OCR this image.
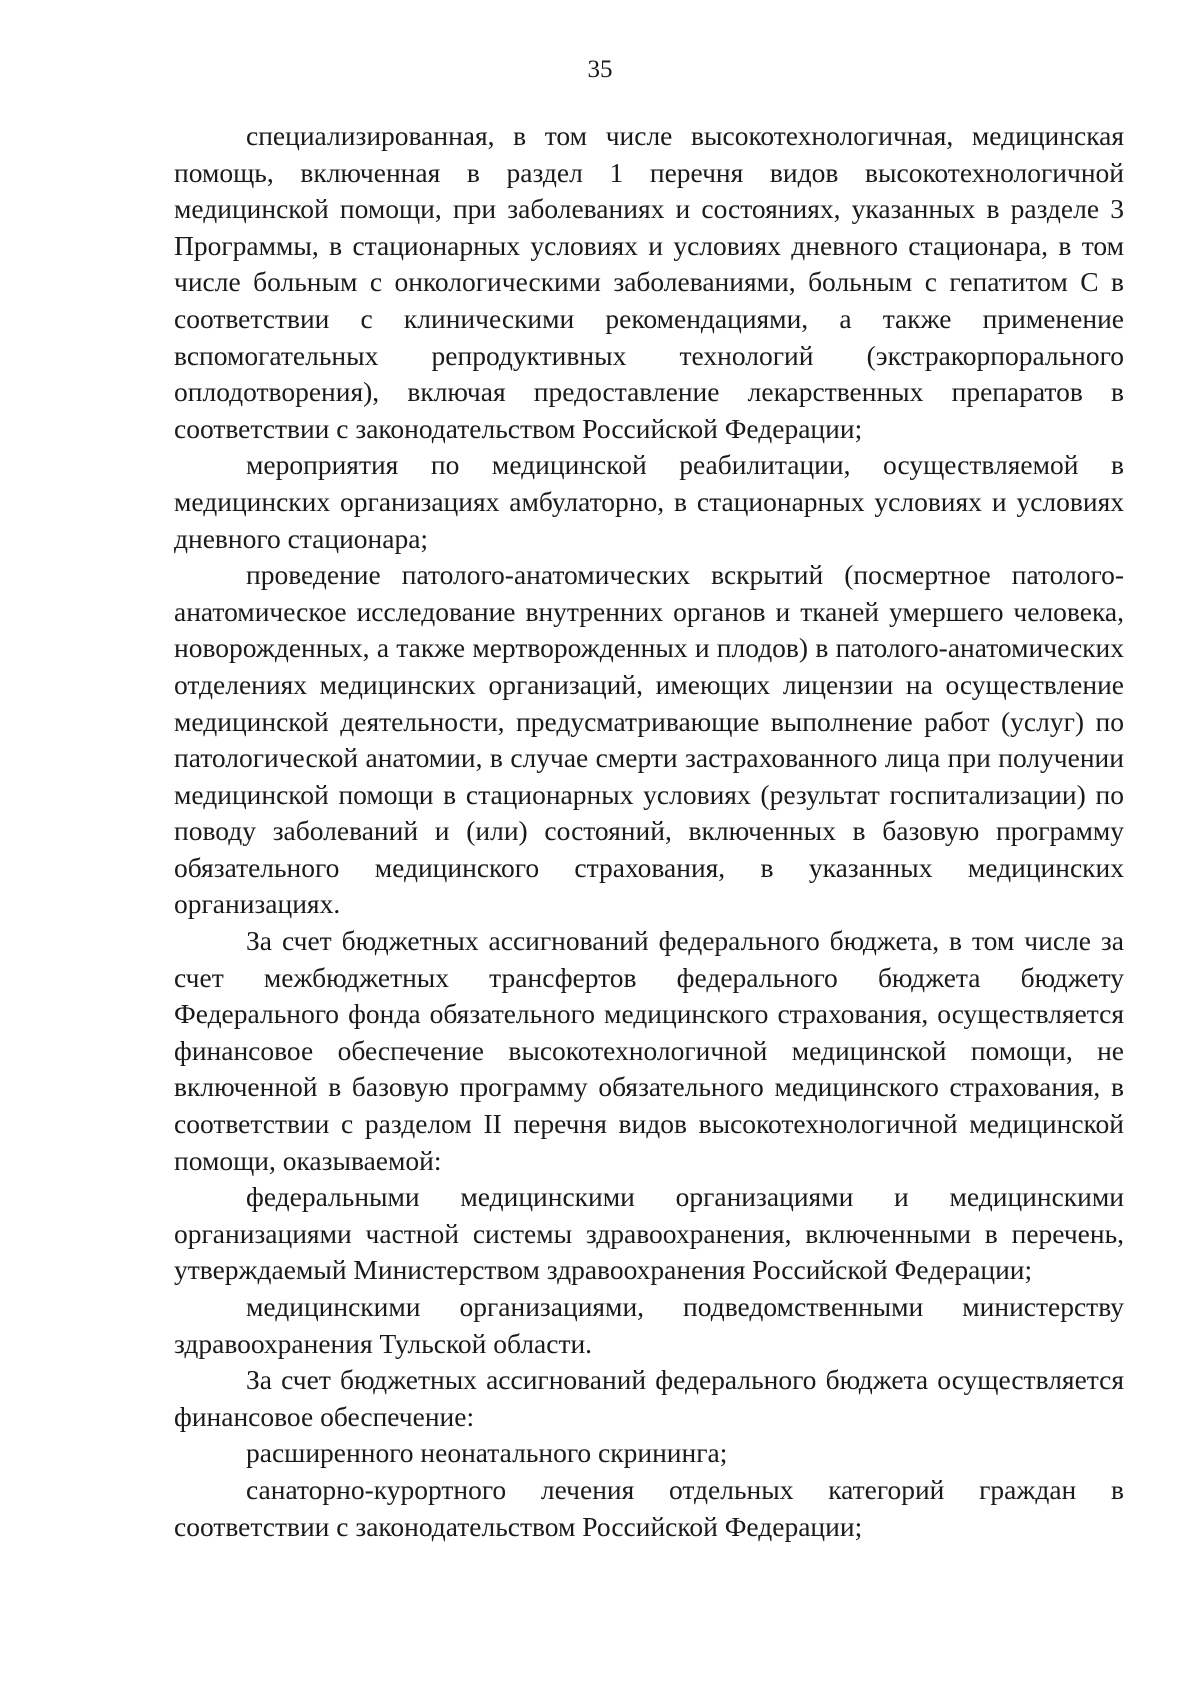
35

специализированная, в том числе высокотехнологичная, медицинская помощь, включенная в раздел 1 перечня видов высокотехнологичной медицинской помощи, при заболеваниях и состояниях, указанных в разделе 3 Программы, в стационарных условиях и условиях дневного стационара, в том числе больным с онкологическими заболеваниями, больным с гепатитом С в соответствии с клиническими рекомендациями, а также применение вспомогательных репродуктивных технологий (экстракорпорального оплодотворения), включая предоставление лекарственных препаратов в соответствии с законодательством Российской Федерации;

мероприятия по медицинской реабилитации, осуществляемой в медицинских организациях амбулаторно, в стационарных условиях и условиях дневного стационара;

проведение патолого-анатомических вскрытий (посмертное патолого-анатомическое исследование внутренних органов и тканей умершего человека, новорожденных, а также мертворожденных и плодов) в патолого-анатомических отделениях медицинских организаций, имеющих лицензии на осуществление медицинской деятельности, предусматривающие выполнение работ (услуг) по патологической анатомии, в случае смерти застрахованного лица при получении медицинской помощи в стационарных условиях (результат госпитализации) по поводу заболеваний и (или) состояний, включенных в базовую программу обязательного медицинского страхования, в указанных медицинских организациях.

За счет бюджетных ассигнований федерального бюджета, в том числе за счет межбюджетных трансфертов федерального бюджета бюджету Федерального фонда обязательного медицинского страхования, осуществляется финансовое обеспечение высокотехнологичной медицинской помощи, не включенной в базовую программу обязательного медицинского страхования, в соответствии с разделом II перечня видов высокотехнологичной медицинской помощи, оказываемой:

федеральными медицинскими организациями и медицинскими организациями частной системы здравоохранения, включенными в перечень, утверждаемый Министерством здравоохранения Российской Федерации;

медицинскими организациями, подведомственными министерству здравоохранения Тульской области.

За счет бюджетных ассигнований федерального бюджета осуществляется финансовое обеспечение:

расширенного неонатального скрининга;

санаторно-курортного лечения отдельных категорий граждан в соответствии с законодательством Российской Федерации;
